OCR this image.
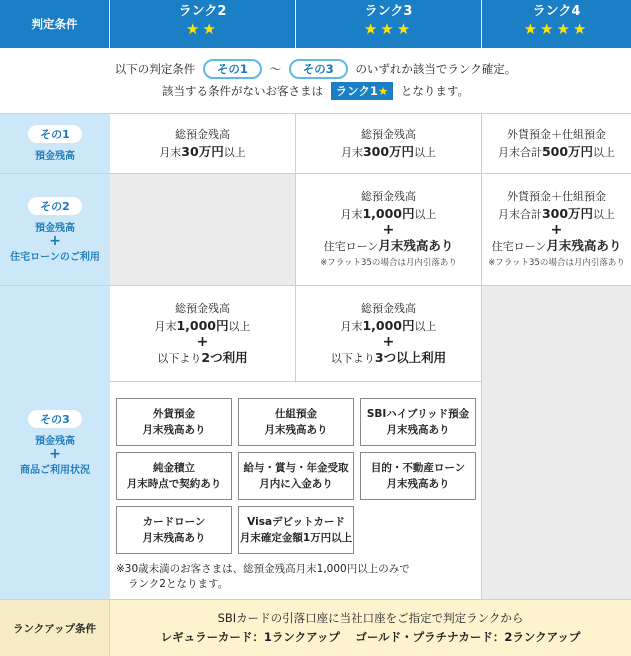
判定条件
ランク2
★★
ランク3
★★★
ランク4
★★★★
以下の判定条件 その1 〜 その3 のいずれか該当でランク確定。
該当する条件がないお客さまは ランク1★ となります。
その1
預金残高
総預金残高
月末30万円以上
総預金残高
月末300万円以上
外貨預金＋仕組預金
月末合計500万円以上
その2
預金残高
+
住宅ローンのご利用
総預金残高
月末1,000円以上
+
住宅ローン月末残高あり
※フラット35の場合は月内引落あり
外貨預金＋仕組預金
月末合計300万円以上
+
住宅ローン月末残高あり
※フラット35の場合は月内引落あり
その3
預金残高
+
商品ご利用状況
総預金残高
月末1,000円以上
+
以下より2つ利用
総預金残高
月末1,000円以上
+
以下より3つ以上利用
外貨預金
月末残高あり
仕組預金
月末残高あり
SBIハイブリッド預金
月末残高あり
純金積立
月末時点で契約あり
給与・賞与・年金受取
月内に入金あり
目的・不動産ローン
月末残高あり
カードローン
月末残高あり
Visaデビットカード
月末確定金額1万円以上
※30歳未満のお客さまは、総預金残高月末1,000円以上のみで
ランク2となります。
ランクアップ条件
SBIカードの引落口座に当社口座をご指定で判定ランクから
レギュラーカード：1ランクアップ　 ゴールド・プラチナカード：2ランクアップ
